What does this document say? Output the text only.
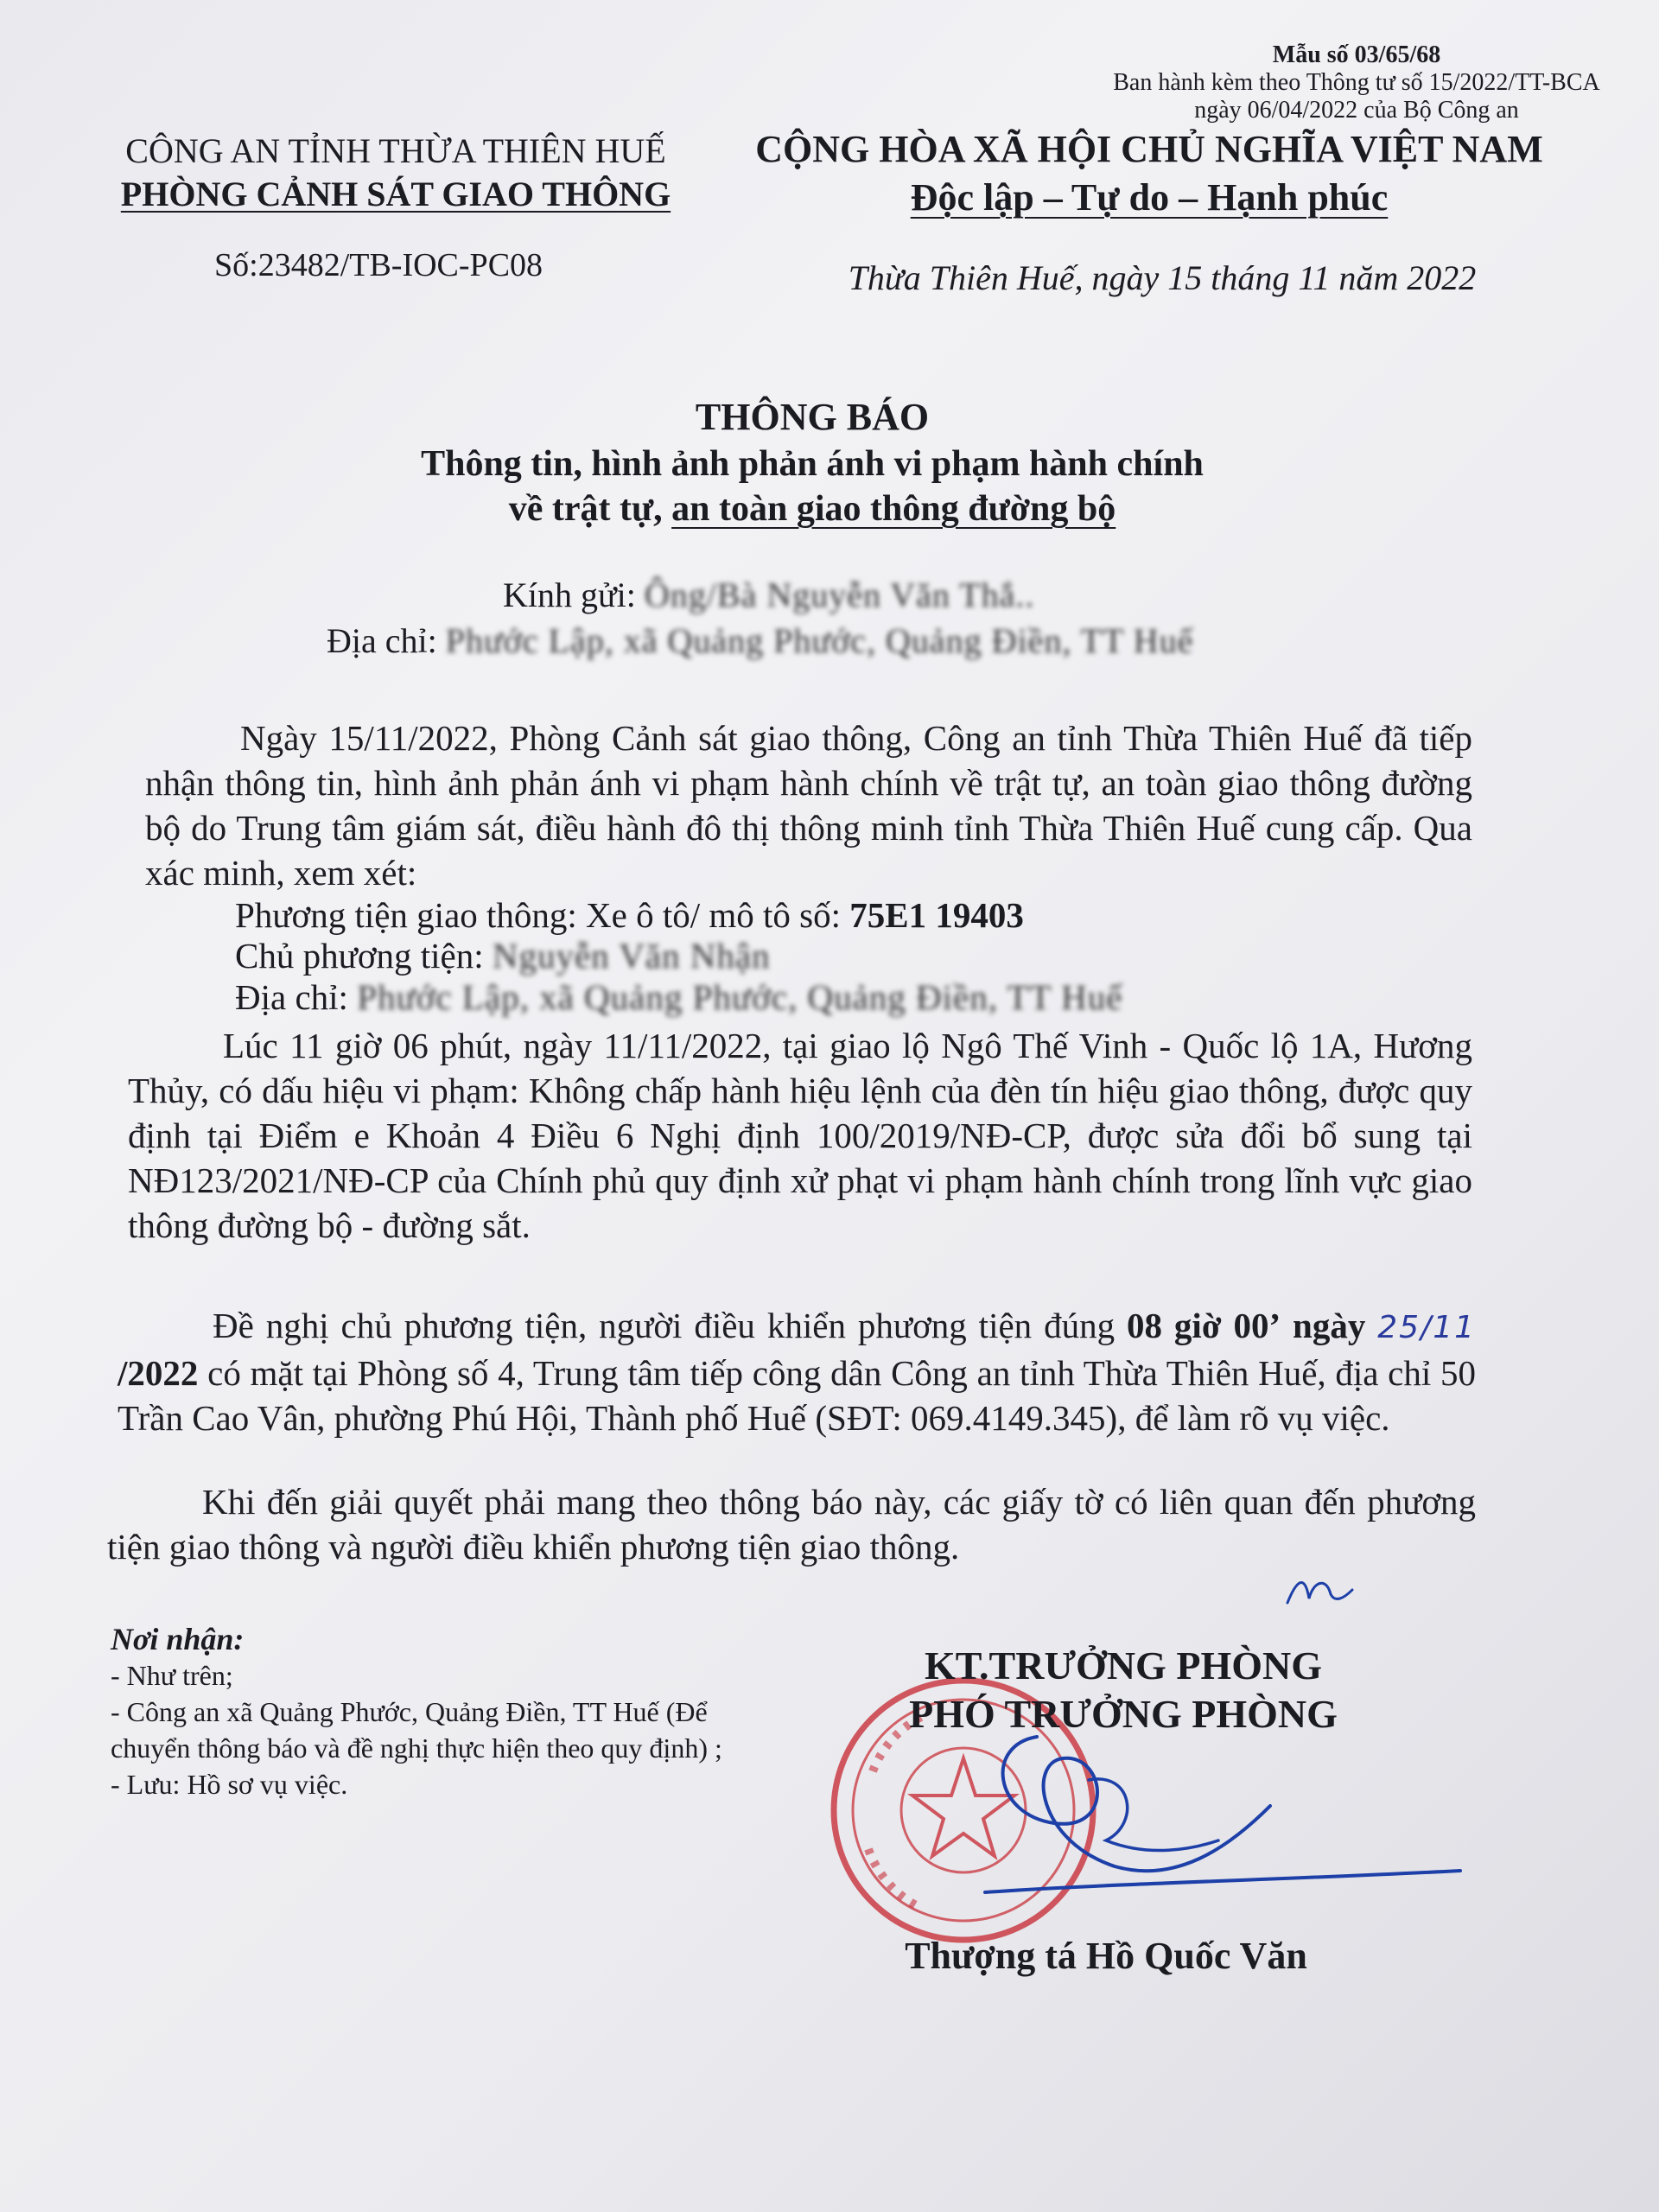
Mẫu số 03/65/68
Ban hành kèm theo Thông tư số 15/2022/TT-BCA
ngày 06/04/2022 của Bộ Công an
CÔNG AN TỈNH THỪA THIÊN HUẾ
PHÒNG CẢNH SÁT GIAO THÔNG
Số:23482/TB-IOC-PC08
CỘNG HÒA XÃ HỘI CHỦ NGHĨA VIỆT NAM
Độc lập – Tự do – Hạnh phúc
Thừa Thiên Huế, ngày 15 tháng 11 năm 2022
THÔNG BÁO
Thông tin, hình ảnh phản ánh vi phạm hành chính
về trật tự, an toàn giao thông đường bộ
Kính gửi: Ông/Bà Nguyễn Văn Thắ..
Địa chỉ: Phước Lập, xã Quảng Phước, Quảng Điền, TT Huế

Ngày 15/11/2022, Phòng Cảnh sát giao thông, Công an tỉnh Thừa Thiên Huế đã tiếp nhận thông tin, hình ảnh phản ánh vi phạm hành chính về trật tự, an toàn giao thông đường bộ do Trung tâm giám sát, điều hành đô thị thông minh tỉnh Thừa Thiên Huế cung cấp. Qua xác minh, xem xét:

Phương tiện giao thông: Xe ô tô/ mô tô số: 75E1 19403
Chủ phương tiện: Nguyễn Văn Nhận
Địa chỉ: Phước Lập, xã Quảng Phước, Quảng Điền, TT Huế

Lúc 11 giờ 06 phút, ngày 11/11/2022, tại giao lộ Ngô Thế Vinh - Quốc lộ 1A, Hương Thủy, có dấu hiệu vi phạm: Không chấp hành hiệu lệnh của đèn tín hiệu giao thông, được quy định tại Điểm e Khoản 4 Điều 6 Nghị định 100/2019/NĐ-CP, được sửa đổi bổ sung tại NĐ123/2021/NĐ-CP của Chính phủ quy định xử phạt vi phạm hành chính trong lĩnh vực giao thông đường bộ - đường sắt.

Đề nghị chủ phương tiện, người điều khiển phương tiện đúng 08 giờ 00’ ngày 25/11 /2022 có mặt tại Phòng số 4, Trung tâm tiếp công dân Công an tỉnh Thừa Thiên Huế, địa chỉ 50 Trần Cao Vân, phường Phú Hội, Thành phố Huế (SĐT: 069.4149.345), để làm rõ vụ việc.

Khi đến giải quyết phải mang theo thông báo này, các giấy tờ có liên quan đến phương tiện giao thông và người điều khiển phương tiện giao thông.

Nơi nhận:
- Như trên;
- Công an xã Quảng Phước, Quảng Điền, TT Huế (Để chuyển thông báo và đề nghị thực hiện theo quy định) ;
- Lưu: Hồ sơ vụ việc.
KT.TRƯỞNG PHÒNG
PHÓ TRƯỞNG PHÒNG
Thượng tá Hồ Quốc Văn
